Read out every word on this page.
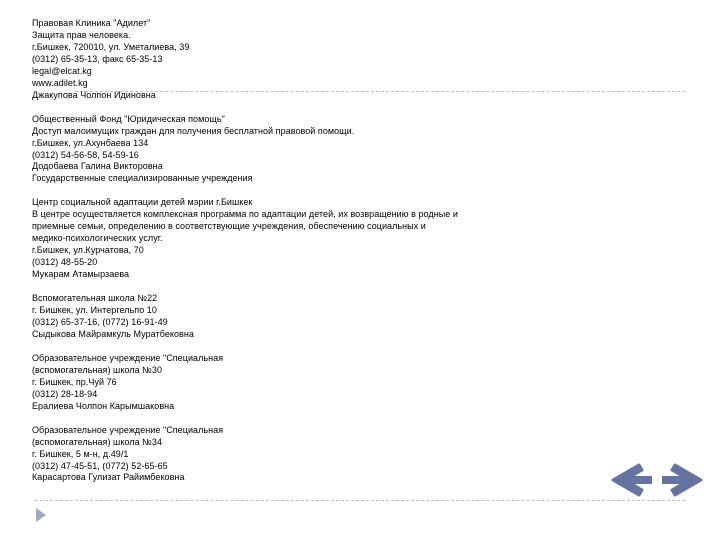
Правовая Клиника "Адилет"
Защита прав человека.
г.Бишкек, 720010, ул. Уметалиева, 39
(0312) 65-35-13, факс 65-35-13
legal@elcat.kg
www.adilet.kg
Джакупова Чолпон Идиновна
Общественный Фонд "Юридическая помощь"
Доступ малоимущих граждан для получения бесплатной правовой помощи.
г.Бишкек, ул.Ахунбаева 134
(0312) 54-56-58, 54-59-16
Додобаева Галина Викторовна
Государственные специализированные учреждения
Центр социальной адаптации детей мэрии г.Бишкек
В центре осуществляется комплексная программа по адаптации детей, их возвращению в родные и
приемные семьи, определению в соответствующие учреждения, обеспечению социальных и
медико-психологических услуг.
г.Бишкек, ул.Курчатова, 70
(0312) 48-55-20
Мукарам Атамырзаева
Вспомогательная школа №22
г. Бишкек, ул. Интергельпо 10
(0312) 65-37-16, (0772) 16-91-49
Сыдыкова Майрамкуль Муратбековна
Образовательное учреждение "Специальная
(вспомогательная) школа №30
г. Бишкек, пр.Чуй 76
(0312) 28-18-94
Ералиева Чолпон Карымшаковна
Образовательное учреждение "Специальная
(вспомогательная) школа №34
г. Бишкек, 5 м-н, д.49/1
(0312) 47-45-51, (0772) 52-65-65
Карасартова Гулизат Райимбековна
